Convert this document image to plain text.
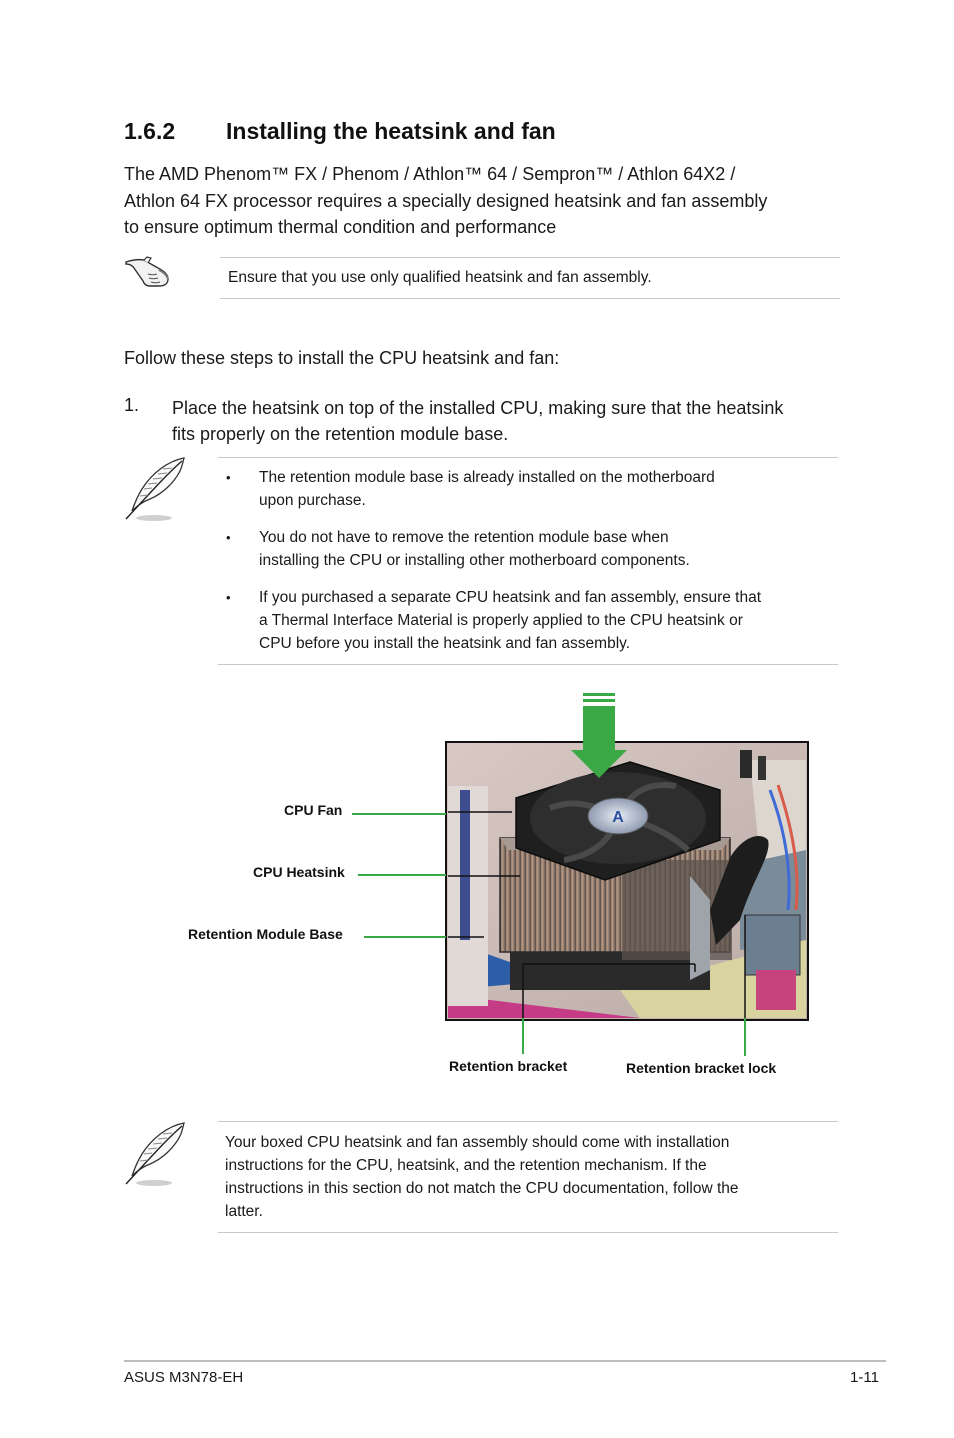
1.6.2 Installing the heatsink and fan
The AMD Phenom™ FX / Phenom / Athlon™ 64 / Sempron™ / Athlon 64X2 /
Athlon 64 FX processor requires a specially designed heatsink and fan assembly
to ensure optimum thermal condition and performance
Ensure that you use only qualified heatsink and fan assembly.
Follow these steps to install the CPU heatsink and fan:
1. Place the heatsink on top of the installed CPU, making sure that the heatsink
fits properly on the retention module base.
• The retention module base is already installed on the motherboard
upon purchase.
• You do not have to remove the retention module base when
installing the CPU or installing other motherboard components.
• If you purchased a separate CPU heatsink and fan assembly, ensure that
a Thermal Interface Material is properly applied to the CPU heatsink or
CPU before you install the heatsink and fan assembly.
A
CPU Fan
CPU Heatsink
Retention Module Base
Retention bracket	Retention bracket lock
Your boxed CPU heatsink and fan assembly should come with installation
instructions for the CPU, heatsink, and the retention mechanism. If the
instructions in this section do not match the CPU documentation, follow the
latter.
ASUS M3N78-EH	1-11
